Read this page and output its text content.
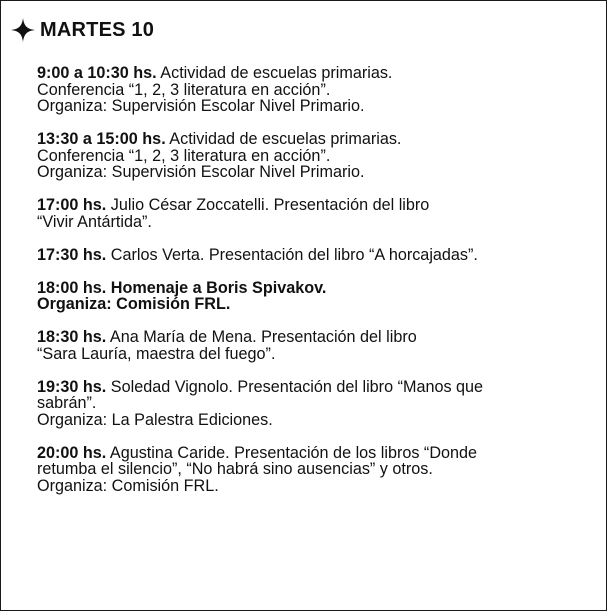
MARTES 10
9:00 a 10:30 hs. Actividad de escuelas primarias.
Conferencia “1, 2, 3 literatura en acción”.
Organiza: Supervisión Escolar Nivel Primario.
13:30 a 15:00 hs. Actividad de escuelas primarias.
Conferencia “1, 2, 3 literatura en acción”.
Organiza: Supervisión Escolar Nivel Primario.
17:00 hs. Julio César Zoccatelli. Presentación del libro
“Vivir Antártida”.
17:30 hs. Carlos Verta. Presentación del libro “A horcajadas”.
18:00 hs. Homenaje a Boris Spivakov.
Organiza: Comisión FRL.
18:30 hs. Ana María de Mena. Presentación del libro
“Sara Lauría, maestra del fuego”.
19:30 hs. Soledad Vignolo. Presentación del libro “Manos que
sabrán”.
Organiza: La Palestra Ediciones.
20:00 hs. Agustina Caride. Presentación de los libros “Donde
retumba el silencio”, “No habrá sino ausencias” y otros.
Organiza: Comisión FRL.
